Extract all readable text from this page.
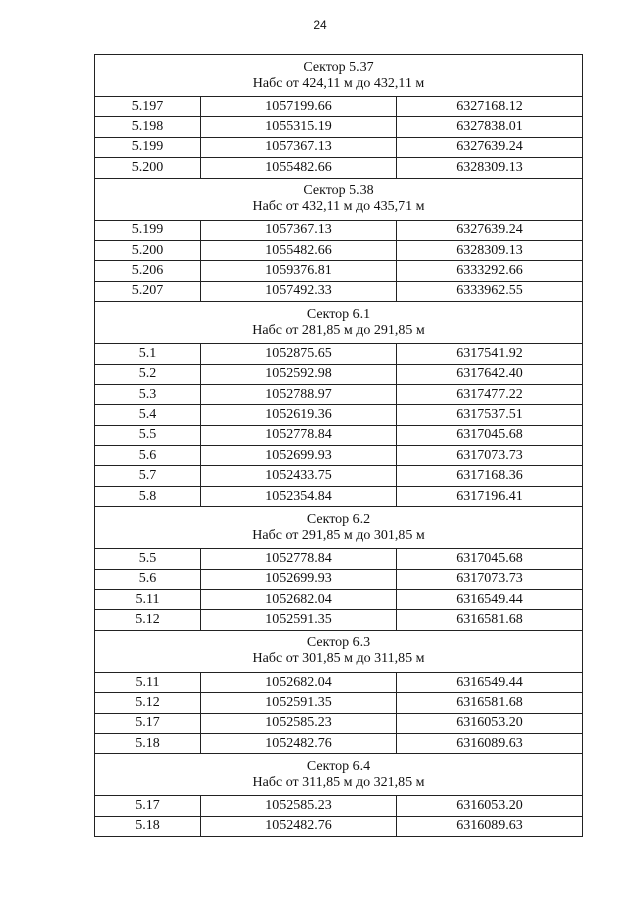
24
Сектор 5.37
Набс от 424,11 м до 432,11 м		

5.197	1057199.66	6327168.12
5.198	1055315.19	6327838.01
5.199	1057367.13	6327639.24
5.200	1055482.66	6328309.13

Сектор 5.38
Набс от 432,11 м до 435,71 м		

5.199	1057367.13	6327639.24
5.200	1055482.66	6328309.13
5.206	1059376.81	6333292.66
5.207	1057492.33	6333962.55

Сектор 6.1
Набс от 281,85 м до 291,85 м		

5.1	1052875.65	6317541.92
5.2	1052592.98	6317642.40
5.3	1052788.97	6317477.22
5.4	1052619.36	6317537.51
5.5	1052778.84	6317045.68
5.6	1052699.93	6317073.73
5.7	1052433.75	6317168.36
5.8	1052354.84	6317196.41

Сектор 6.2
Набс от 291,85 м до 301,85 м		

5.5	1052778.84	6317045.68
5.6	1052699.93	6317073.73
5.11	1052682.04	6316549.44
5.12	1052591.35	6316581.68

Сектор 6.3
Набс от 301,85 м до 311,85 м		

5.11	1052682.04	6316549.44
5.12	1052591.35	6316581.68
5.17	1052585.23	6316053.20
5.18	1052482.76	6316089.63

Сектор 6.4
Набс от 311,85 м до 321,85 м		

5.17	1052585.23	6316053.20
5.18	1052482.76	6316089.63
